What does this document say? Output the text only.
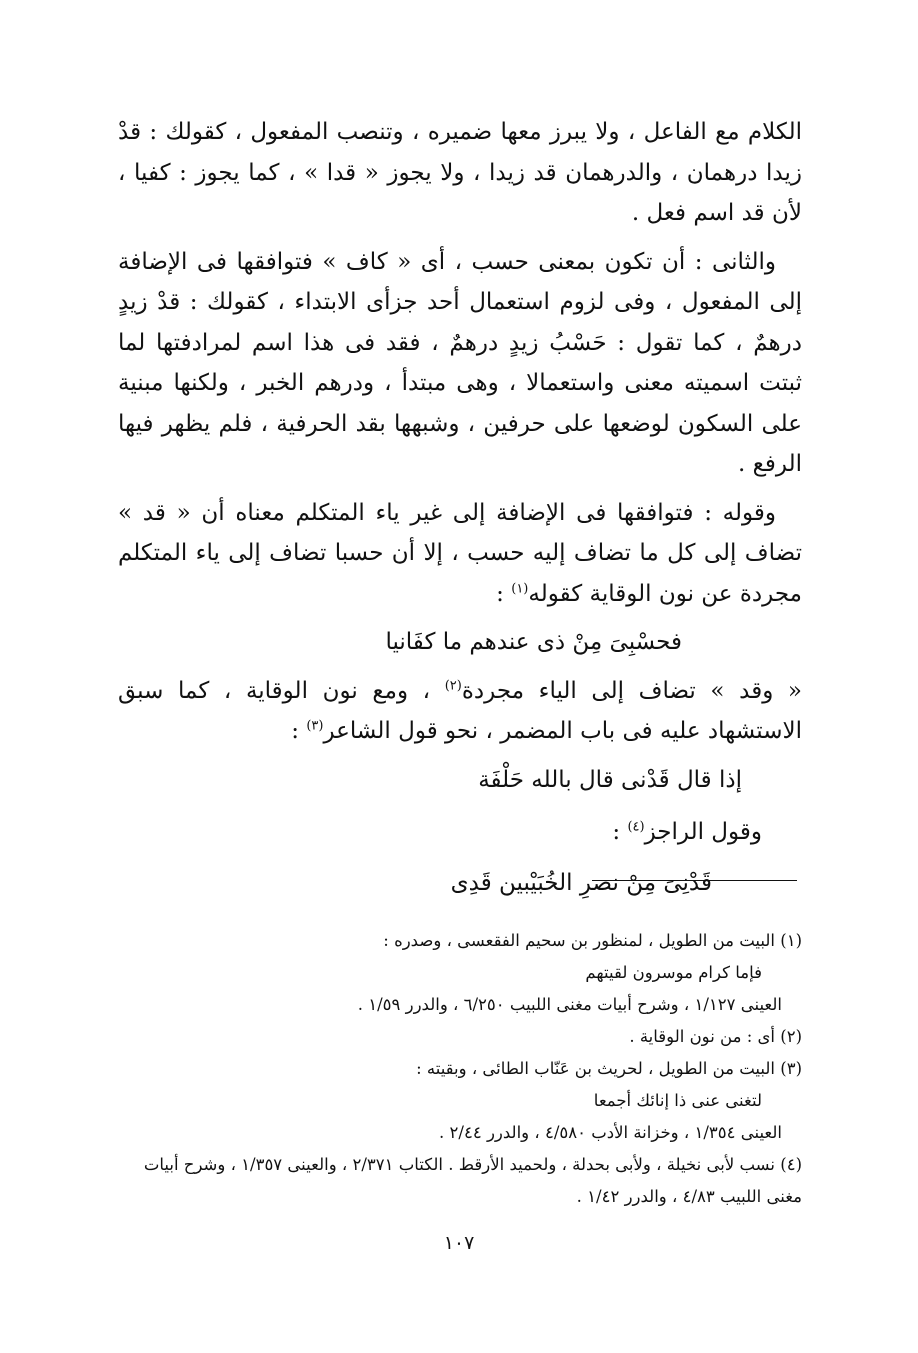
الكلام مع الفاعل ، ولا يبرز معها ضميره ، وتنصب المفعول ، كقولك : قدْ زيدا درهمان ، والدرهمان قد زيدا ، ولا يجوز « قدا » ، كما يجوز : كفيا ، لأن قد اسم فعل .

والثانى : أن تكون بمعنى حسب ، أى « كاف » فتوافقها فى الإضافة إلى المفعول ، وفى لزوم استعمال أحد جزأى الابتداء ، كقولك : قدْ زيدٍ درهمٌ ، كما تقول : حَسْبُ زيدٍ درهمٌ ، فقد فى هذا اسم لمرادفتها لما ثبتت اسميته معنى واستعمالا ، وهى مبتدأ ، ودرهم الخبر ، ولكنها مبنية على السكون لوضعها على حرفين ، وشبهها بقد الحرفية ، فلم يظهر فيها الرفع .

وقوله : فتوافقها فى الإضافة إلى غير ياء المتكلم معناه أن « قد » تضاف إلى كل ما تضاف إليه حسب ، إلا أن حسبا تضاف إلى ياء المتكلم مجردة عن نون الوقاية كقوله$^{(١)}$ :

فحسْبِىَ مِنْ ذى عندهم ما كفَانيا

« وقد » تضاف إلى الياء مجردة$^{(٢)}$ ، ومع نون الوقاية ، كما سبق الاستشهاد عليه فى باب المضمر ، نحو قول الشاعر$^{(٣)}$ :

إذا قال قَدْنى قال بالله حَلْفَة
وقول الراجز$^{(٤)}$ :
قَدْنِىَ مِنْ نصرِ الخُبَيْبين قَدِى

(١) البيت من الطويل ، لمنظور بن سحيم الفقعسى ، وصدره :

فإما كرام موسرون لقيتهم

العينى ١/١٢٧ ، وشرح أبيات مغنى اللبيب ٦/٢٥٠ ، والدرر ١/٥٩ .

(٢) أى : من نون الوقاية .

(٣) البيت من الطويل ، لحريث بن عَنّاب الطائى ، وبقيته :

لتغنى عنى ذا إنائك أجمعا

العينى ١/٣٥٤ ، وخزانة الأدب ٤/٥٨٠ ، والدرر ٢/٤٤ .

(٤) نسب لأبى نخيلة ، ولأبى بحدلة ، ولحميد الأرقط . الكتاب ٢/٣٧١ ، والعينى ١/٣٥٧ ، وشرح أبيات مغنى اللبيب ٤/٨٣ ، والدرر ١/٤٢ .

١٠٧
